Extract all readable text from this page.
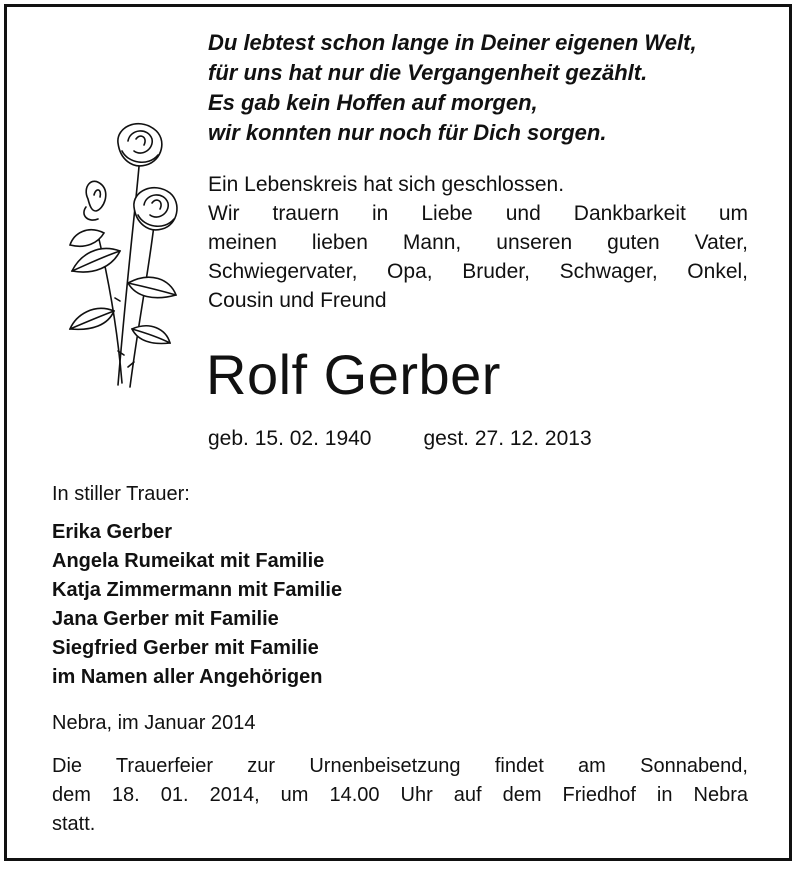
Du lebtest schon lange in Deiner eigenen Welt,
für uns hat nur die Vergangenheit gezählt.
Es gab kein Hoffen auf morgen,
wir konnten nur noch für Dich sorgen.
Ein Lebenskreis hat sich geschlossen.
Wir trauern in Liebe und Dankbarkeit um
meinen lieben Mann, unseren guten Vater,
Schwiegervater, Opa, Bruder, Schwager, Onkel,
Cousin und Freund
Rolf Gerber
geb. 15. 02. 1940 gest. 27. 12. 2013
In stiller Trauer:
Erika Gerber
Angela Rumeikat mit Familie
Katja Zimmermann mit Familie
Jana Gerber mit Familie
Siegfried Gerber mit Familie
im Namen aller Angehörigen
Nebra, im Januar 2014
Die Trauerfeier zur Urnenbeisetzung findet am Sonnabend,
dem 18. 01. 2014, um 14.00 Uhr auf dem Friedhof in Nebra
statt.
